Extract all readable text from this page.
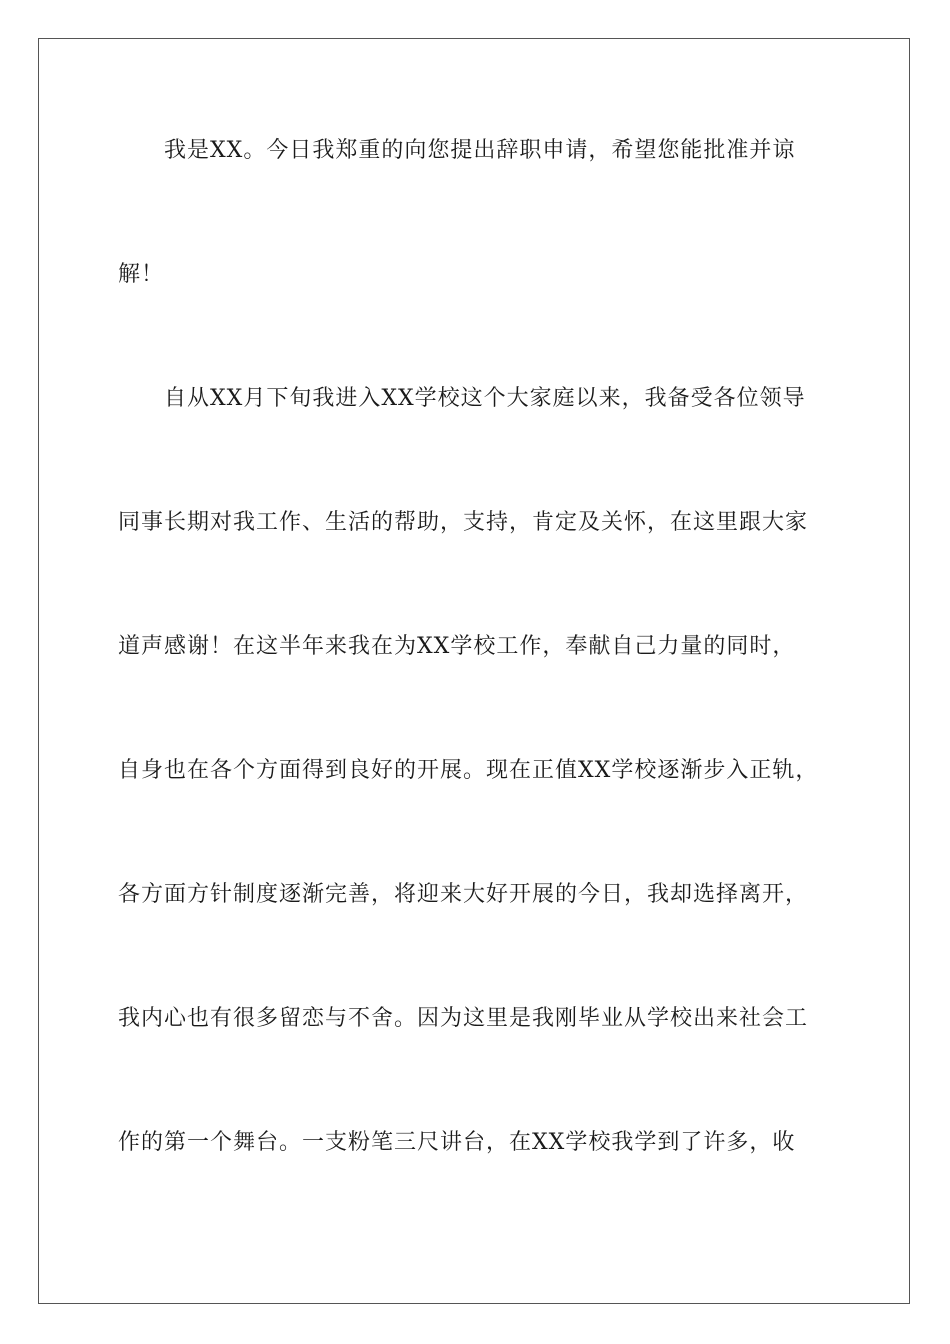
我是XX。今日我郑重的向您提出辞职申请，希望您能批准并谅
解！
自从XX月下旬我进入XX学校这个大家庭以来，我备受各位领导
同事长期对我工作、生活的帮助，支持，肯定及关怀，在这里跟大家
道声感谢！在这半年来我在为XX学校工作，奉献自己力量的同时，
自身也在各个方面得到良好的开展。现在正值XX学校逐渐步入正轨，
各方面方针制度逐渐完善，将迎来大好开展的今日，我却选择离开，
我内心也有很多留恋与不舍。因为这里是我刚毕业从学校出来社会工
作的第一个舞台。一支粉笔三尺讲台，在XX学校我学到了许多，收
